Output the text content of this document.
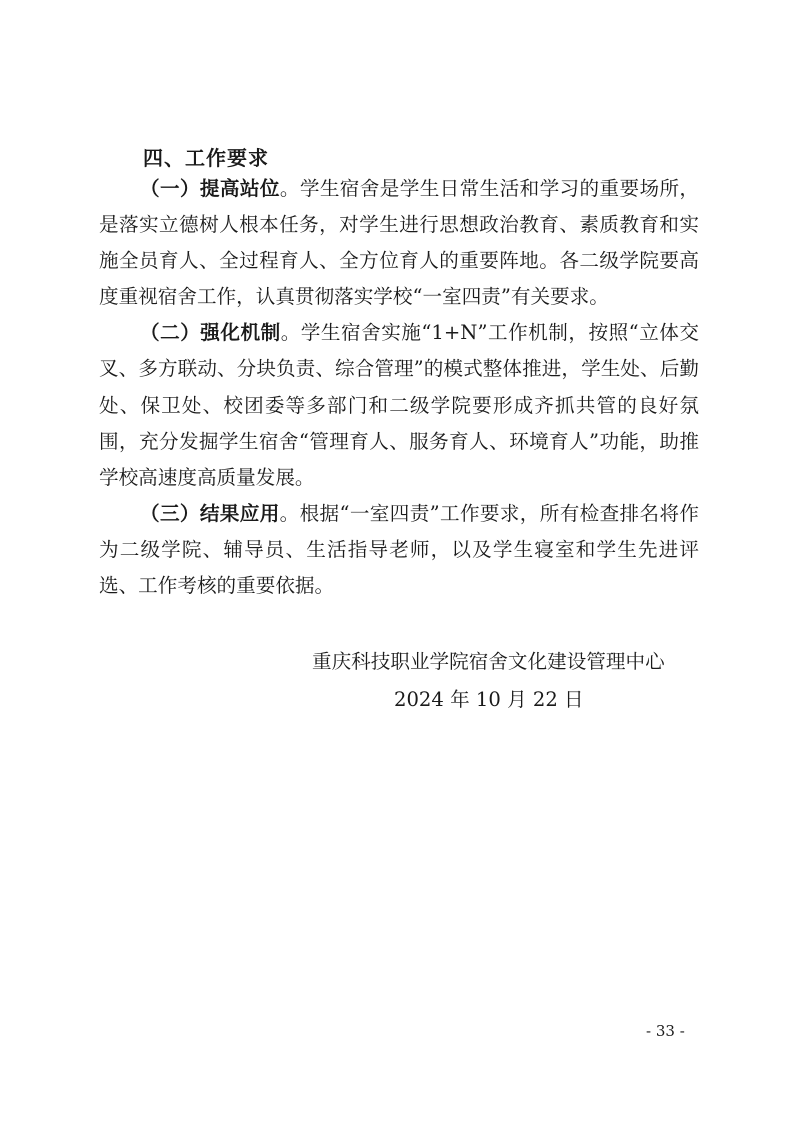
四、工作要求

（一）提高站位。学生宿舍是学生日常生活和学习的重要场所，是落实立德树人根本任务，对学生进行思想政治教育、素质教育和实施全员育人、全过程育人、全方位育人的重要阵地。各二级学院要高度重视宿舍工作，认真贯彻落实学校“一室四责”有关要求。

（二）强化机制。学生宿舍实施“1+N”工作机制，按照“立体交叉、多方联动、分块负责、综合管理”的模式整体推进，学生处、后勤处、保卫处、校团委等多部门和二级学院要形成齐抓共管的良好氛围，充分发掘学生宿舍“管理育人、服务育人、环境育人”功能，助推学校高速度高质量发展。

（三）结果应用。根据“一室四责”工作要求，所有检查排名将作为二级学院、辅导员、生活指导老师，以及学生寝室和学生先进评选、工作考核的重要依据。

重庆科技职业学院宿舍文化建设管理中心

2024 年 10 月 22 日

- 33 -
